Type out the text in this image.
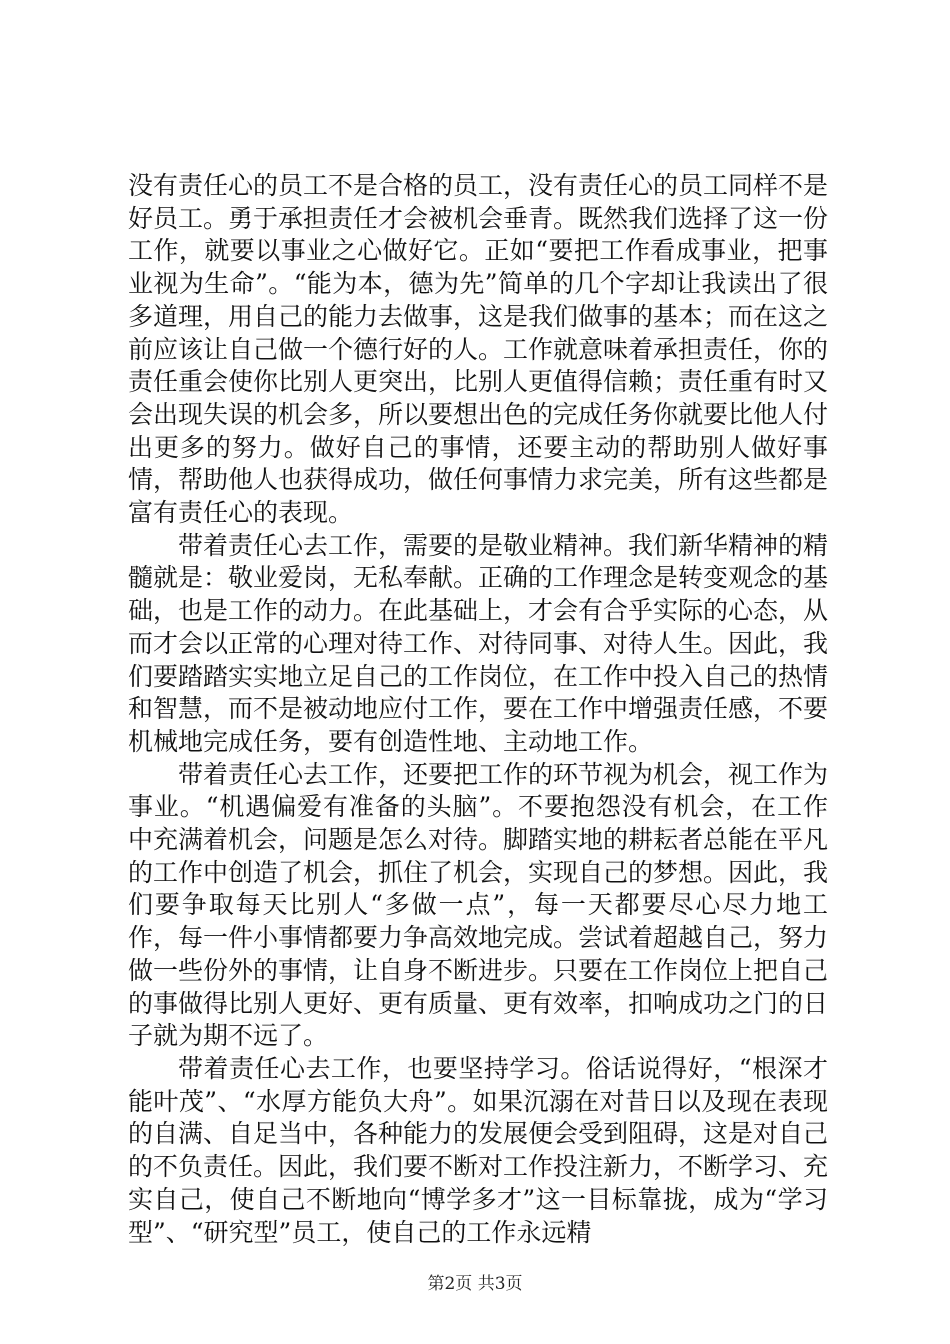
没有责任心的员工不是合格的员工，没有责任心的员工同样不是好员工。勇于承担责任才会被机会垂青。既然我们选择了这一份工作，就要以事业之心做好它。正如“要把工作看成事业，把事业视为生命”。“能为本，德为先”简单的几个字却让我读出了很多道理，用自己的能力去做事，这是我们做事的基本；而在这之前应该让自己做一个德行好的人。工作就意味着承担责任，你的责任重会使你比别人更突出，比别人更值得信赖；责任重有时又会出现失误的机会多，所以要想出色的完成任务你就要比他人付出更多的努力。做好自己的事情，还要主动的帮助别人做好事情，帮助他人也获得成功，做任何事情力求完美，所有这些都是富有责任心的表现。

带着责任心去工作，需要的是敬业精神。我们新华精神的精髓就是：敬业爱岗，无私奉献。正确的工作理念是转变观念的基础，也是工作的动力。在此基础上，才会有合乎实际的心态，从而才会以正常的心理对待工作、对待同事、对待人生。因此，我们要踏踏实实地立足自己的工作岗位，在工作中投入自己的热情和智慧，而不是被动地应付工作，要在工作中增强责任感，不要机械地完成任务，要有创造性地、主动地工作。

带着责任心去工作，还要把工作的环节视为机会，视工作为事业。“机遇偏爱有准备的头脑”。不要抱怨没有机会，在工作中充满着机会，问题是怎么对待。脚踏实地的耕耘者总能在平凡的工作中创造了机会，抓住了机会，实现自己的梦想。因此，我们要争取每天比别人“多做一点”，每一天都要尽心尽力地工作，每一件小事情都要力争高效地完成。尝试着超越自己，努力做一些份外的事情，让自身不断进步。只要在工作岗位上把自己的事做得比别人更好、更有质量、更有效率，扣响成功之门的日子就为期不远了。

带着责任心去工作，也要坚持学习。俗话说得好，“根深才能叶茂”、“水厚方能负大舟”。如果沉溺在对昔日以及现在表现的自满、自足当中，各种能力的发展便会受到阻碍，这是对自己的不负责任。因此，我们要不断对工作投注新力，不断学习、充实自己，使自己不断地向“博学多才”这一目标靠拢，成为“学习型”、“研究型”员工，使自己的工作永远精

第2页 共3页
